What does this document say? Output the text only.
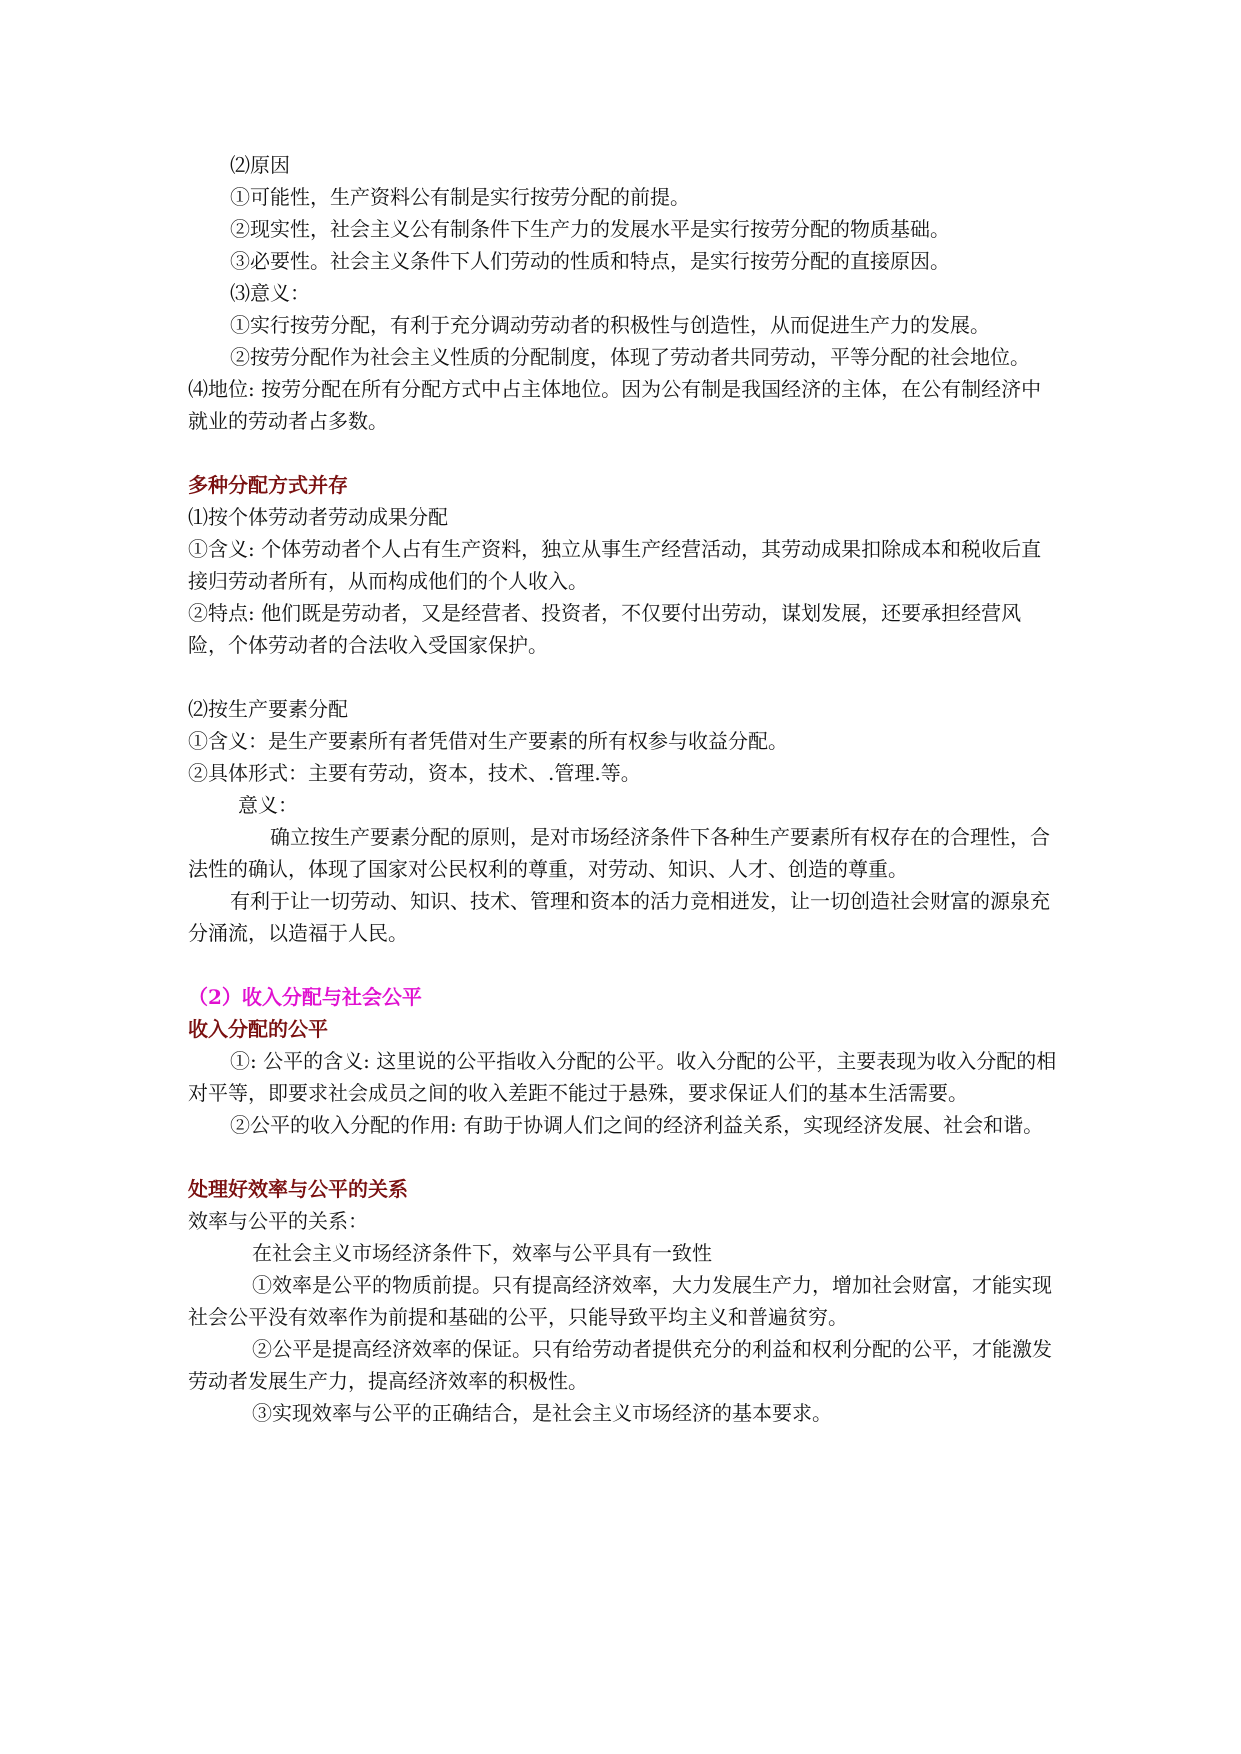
⑵原因

①可能性，生产资料公有制是实行按劳分配的前提。

②现实性，社会主义公有制条件下生产力的发展水平是实行按劳分配的物质基础。

③必要性。社会主义条件下人们劳动的性质和特点，是实行按劳分配的直接原因。

⑶意义：

①实行按劳分配，有利于充分调动劳动者的积极性与创造性，从而促进生产力的发展。

②按劳分配作为社会主义性质的分配制度，体现了劳动者共同劳动，平等分配的社会地位。

⑷地位: 按劳分配在所有分配方式中占主体地位。因为公有制是我国经济的主体，在公有制经济中就业的劳动者占多数。

多种分配方式并存

⑴按个体劳动者劳动成果分配

①含义: 个体劳动者个人占有生产资料，独立从事生产经营活动，其劳动成果扣除成本和税收后直接归劳动者所有，从而构成他们的个人收入。

②特点: 他们既是劳动者，又是经营者、投资者，不仅要付出劳动，谋划发展，还要承担经营风险，个体劳动者的合法收入受国家保护。

⑵按生产要素分配

①含义：是生产要素所有者凭借对生产要素的所有权参与收益分配。

②具体形式：主要有劳动，资本，技术、.管理.等。

意义：

确立按生产要素分配的原则，是对市场经济条件下各种生产要素所有权存在的合理性，合法性的确认，体现了国家对公民权利的尊重，对劳动、知识、人才、创造的尊重。

有利于让一切劳动、知识、技术、管理和资本的活力竞相迸发，让一切创造社会财富的源泉充分涌流，以造福于人民。

（2）收入分配与社会公平

收入分配的公平

①: 公平的含义: 这里说的公平指收入分配的公平。收入分配的公平，主要表现为收入分配的相对平等，即要求社会成员之间的收入差距不能过于悬殊，要求保证人们的基本生活需要。

②公平的收入分配的作用: 有助于协调人们之间的经济利益关系，实现经济发展、社会和谐。

处理好效率与公平的关系

效率与公平的关系：

在社会主义市场经济条件下，效率与公平具有一致性

①效率是公平的物质前提。只有提高经济效率，大力发展生产力，增加社会财富，才能实现社会公平没有效率作为前提和基础的公平，只能导致平均主义和普遍贫穷。

②公平是提高经济效率的保证。只有给劳动者提供充分的利益和权利分配的公平，才能激发劳动者发展生产力，提高经济效率的积极性。

③实现效率与公平的正确结合，是社会主义市场经济的基本要求。
